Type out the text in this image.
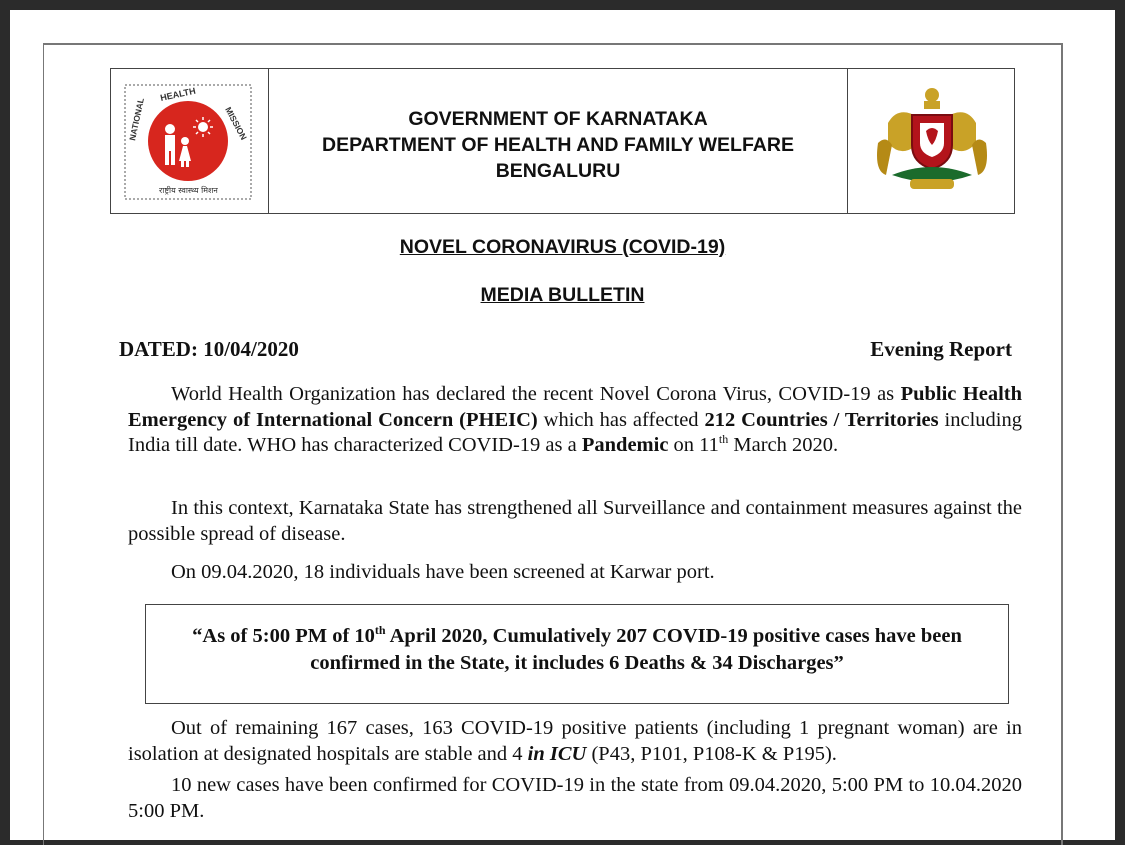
NATIONAL
HEALTH
MISSION
राष्ट्रीय स्वास्थ्य मिशन
GOVERNMENT OF KARNATAKA
DEPARTMENT OF HEALTH AND FAMILY WELFARE
BENGALURU
NOVEL CORONAVIRUS (COVID-19)
MEDIA BULLETIN
DATED: 10/04/2020	Evening Report
World Health Organization has declared the recent Novel Corona Virus, COVID-19 as Public Health Emergency of International Concern (PHEIC) which has affected 212 Countries / Territories including India till date. WHO has characterized COVID-19 as a Pandemic on 11th March 2020.
In this context, Karnataka State has strengthened all Surveillance and containment measures against the possible spread of disease.
On 09.04.2020, 18 individuals have been screened at Karwar port.
“As of 5:00 PM of 10th April 2020, Cumulatively 207 COVID-19 positive cases have been confirmed in the State, it includes 6 Deaths & 34 Discharges”
Out of remaining 167 cases, 163 COVID-19 positive patients (including 1 pregnant woman) are in isolation at designated hospitals are stable and 4 in ICU (P43, P101, P108-K & P195).
10 new cases have been confirmed for COVID-19 in the state from 09.04.2020, 5:00 PM to 10.04.2020 5:00 PM.
